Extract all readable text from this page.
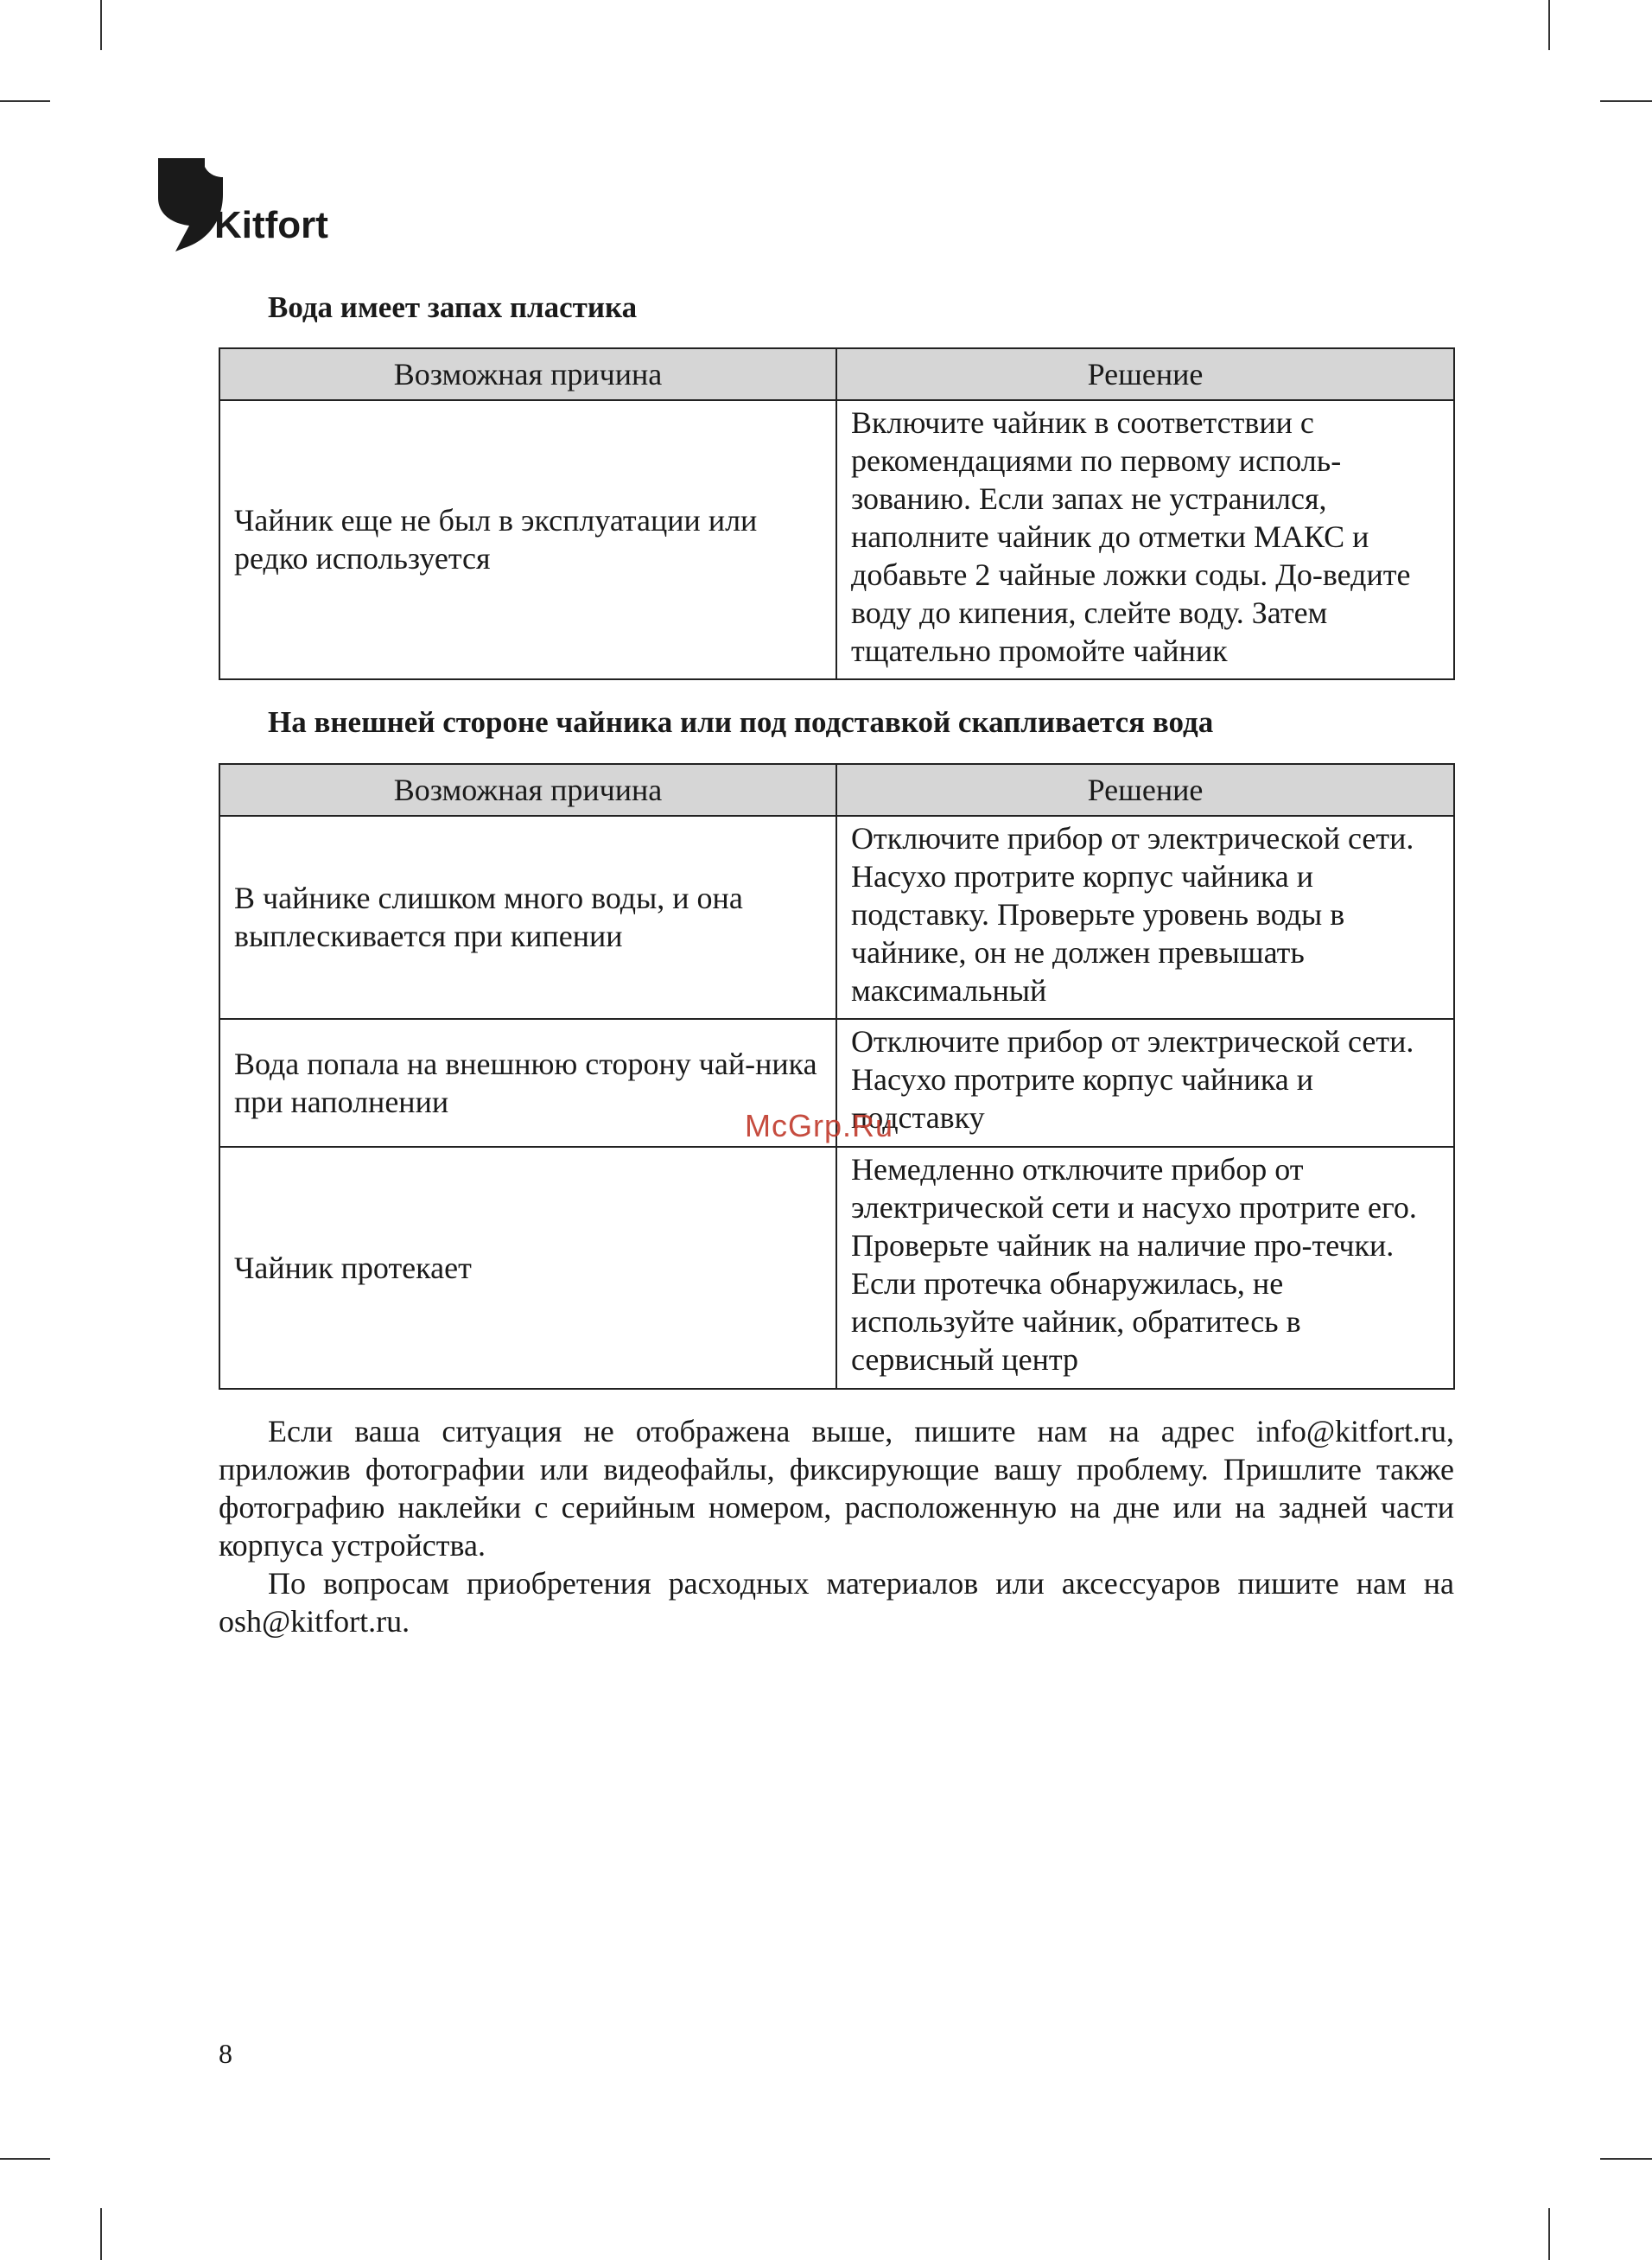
Kitfort
Вода имеет запах пластика
Возможная причина	Решение
Чайник еще не был в эксплуатации или редко используется	Включите чайник в соответствии с рекомендациями по первому исполь-зованию. Если запах не устранился, наполните чайник до отметки МАКС и добавьте 2 чайные ложки соды. До-ведите воду до кипения, слейте воду. Затем тщательно промойте чайник
На внешней стороне чайника или под подставкой скапливается вода
Возможная причина	Решение
В чайнике слишком много воды, и она выплескивается при кипении	Отключите прибор от электрической сети. Насухо протрите корпус чайника и подставку. Проверьте уровень воды в чайнике, он не должен превышать максимальный
Вода попала на внешнюю сторону чай-ника при наполнении	Отключите прибор от электрической сети. Насухо протрите корпус чайника и подставку
Чайник протекает	Немедленно отключите прибор от электрической сети и насухо протрите его. Проверьте чайник на наличие про-течки. Если протечка обнаружилась, не используйте чайник, обратитесь в сервисный центр

Если ваша ситуация не отображена выше, пишите нам на адрес info@kitfort.ru, приложив фотографии или видеофайлы, фиксирующие вашу проблему. Пришлите также фотографию наклейки с серийным номером, расположенную на дне или на задней части корпуса устройства.

По вопросам приобретения расходных материалов или аксессуаров пишите нам на osh@kitfort.ru.

McGrp.Ru
8
